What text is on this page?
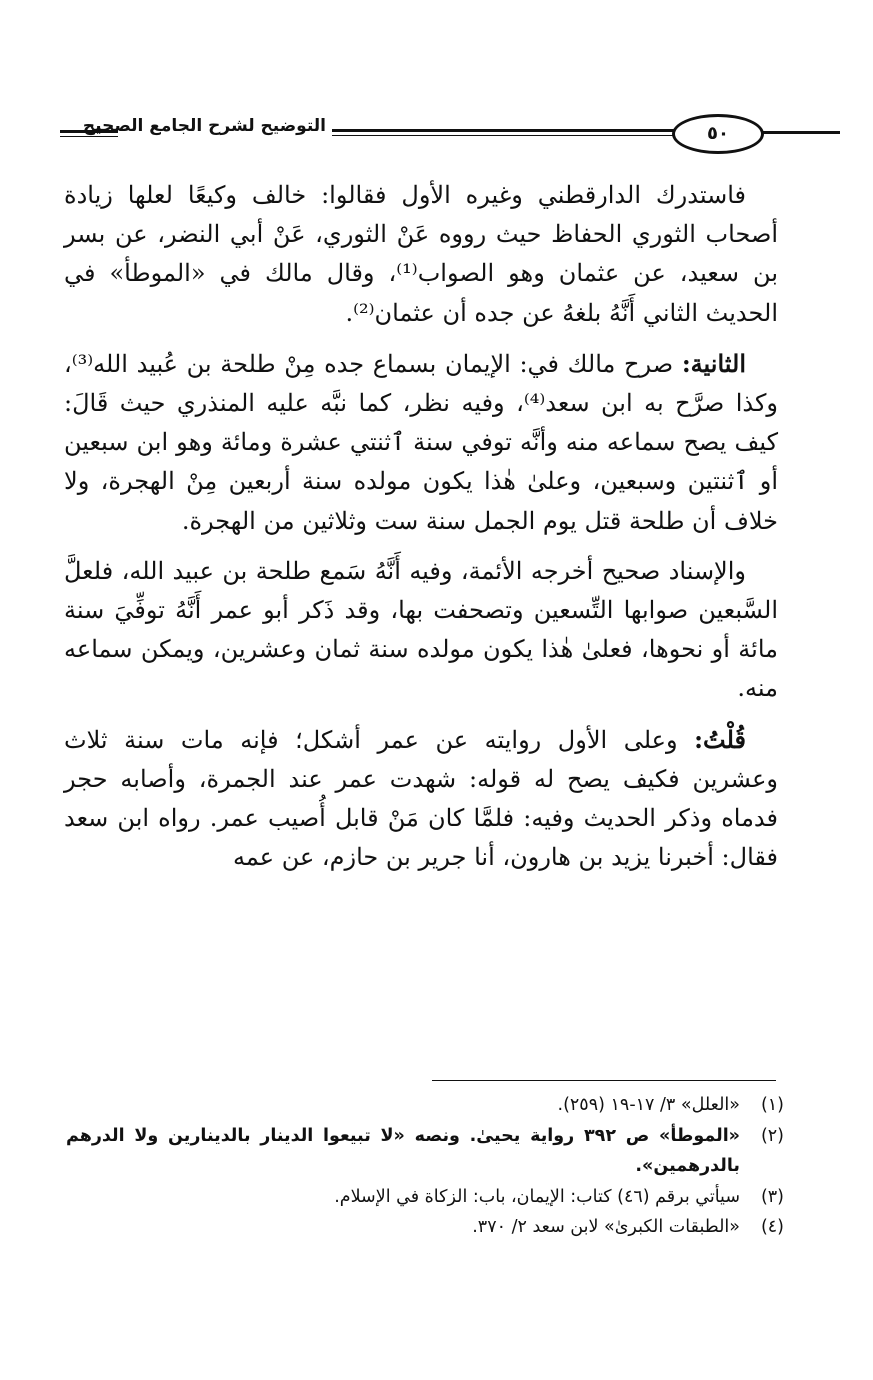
التوضيح لشرح الجامع الصحيح	٥٠

فاستدرك الدارقطني وغيره الأول فقالوا: خالف وكيعًا لعلها زيادة أصحاب الثوري الحفاظ حيث رووه عَنْ الثوري، عَنْ أبي النضر، عن بسر بن سعيد، عن عثمان وهو الصواب⁽¹⁾، وقال مالك في «الموطأ» في الحديث الثاني أَنَّهُ بلغهُ عن جده أن عثمان⁽²⁾.

الثانية: صرح مالك في: الإيمان بسماع جده مِنْ طلحة بن عُبيد الله⁽³⁾، وكذا صرَّح به ابن سعد⁽⁴⁾، وفيه نظر، كما نبَّه عليه المنذري حيث قَالَ: كيف يصح سماعه منه وأنَّه توفي سنة ٱثنتي عشرة ومائة وهو ابن سبعين أو ٱثنتين وسبعين، وعلىٰ هٰذا يكون مولده سنة أربعين مِنْ الهجرة، ولا خلاف أن طلحة قتل يوم الجمل سنة ست وثلاثين من الهجرة.

والإسناد صحيح أخرجه الأئمة، وفيه أَنَّهُ سَمع طلحة بن عبيد الله، فلعلَّ السَّبعين صوابها التِّسعين وتصحفت بها، وقد ذَكر أبو عمر أَنَّهُ توفِّيَ سنة مائة أو نحوها، فعلىٰ هٰذا يكون مولده سنة ثمان وعشرين، ويمكن سماعه منه.

قُلْتُ: وعلى الأول روايته عن عمر أشكل؛ فإنه مات سنة ثلاث وعشرين فكيف يصح له قوله: شهدت عمر عند الجمرة، وأصابه حجر فدماه وذكر الحديث وفيه: فلمَّا كان مَنْ قابل أُصيب عمر. رواه ابن سعد فقال: أخبرنا يزيد بن هارون، أنا جرير بن حازم، عن عمه

(١)
«العلل» ٣/ ١٧-١٩ (٢٥٩).
(٢)
«الموطأ» ص ٣٩٢ رواية يحيىٰ. ونصه «لا تبيعوا الدينار بالدينارين ولا الدرهم بالدرهمين».
(٣)
سيأتي برقم (٤٦) كتاب: الإيمان، باب: الزكاة في الإسلام.
(٤)
«الطبقات الكبرىٰ» لابن سعد ٢/ ٣٧٠.
